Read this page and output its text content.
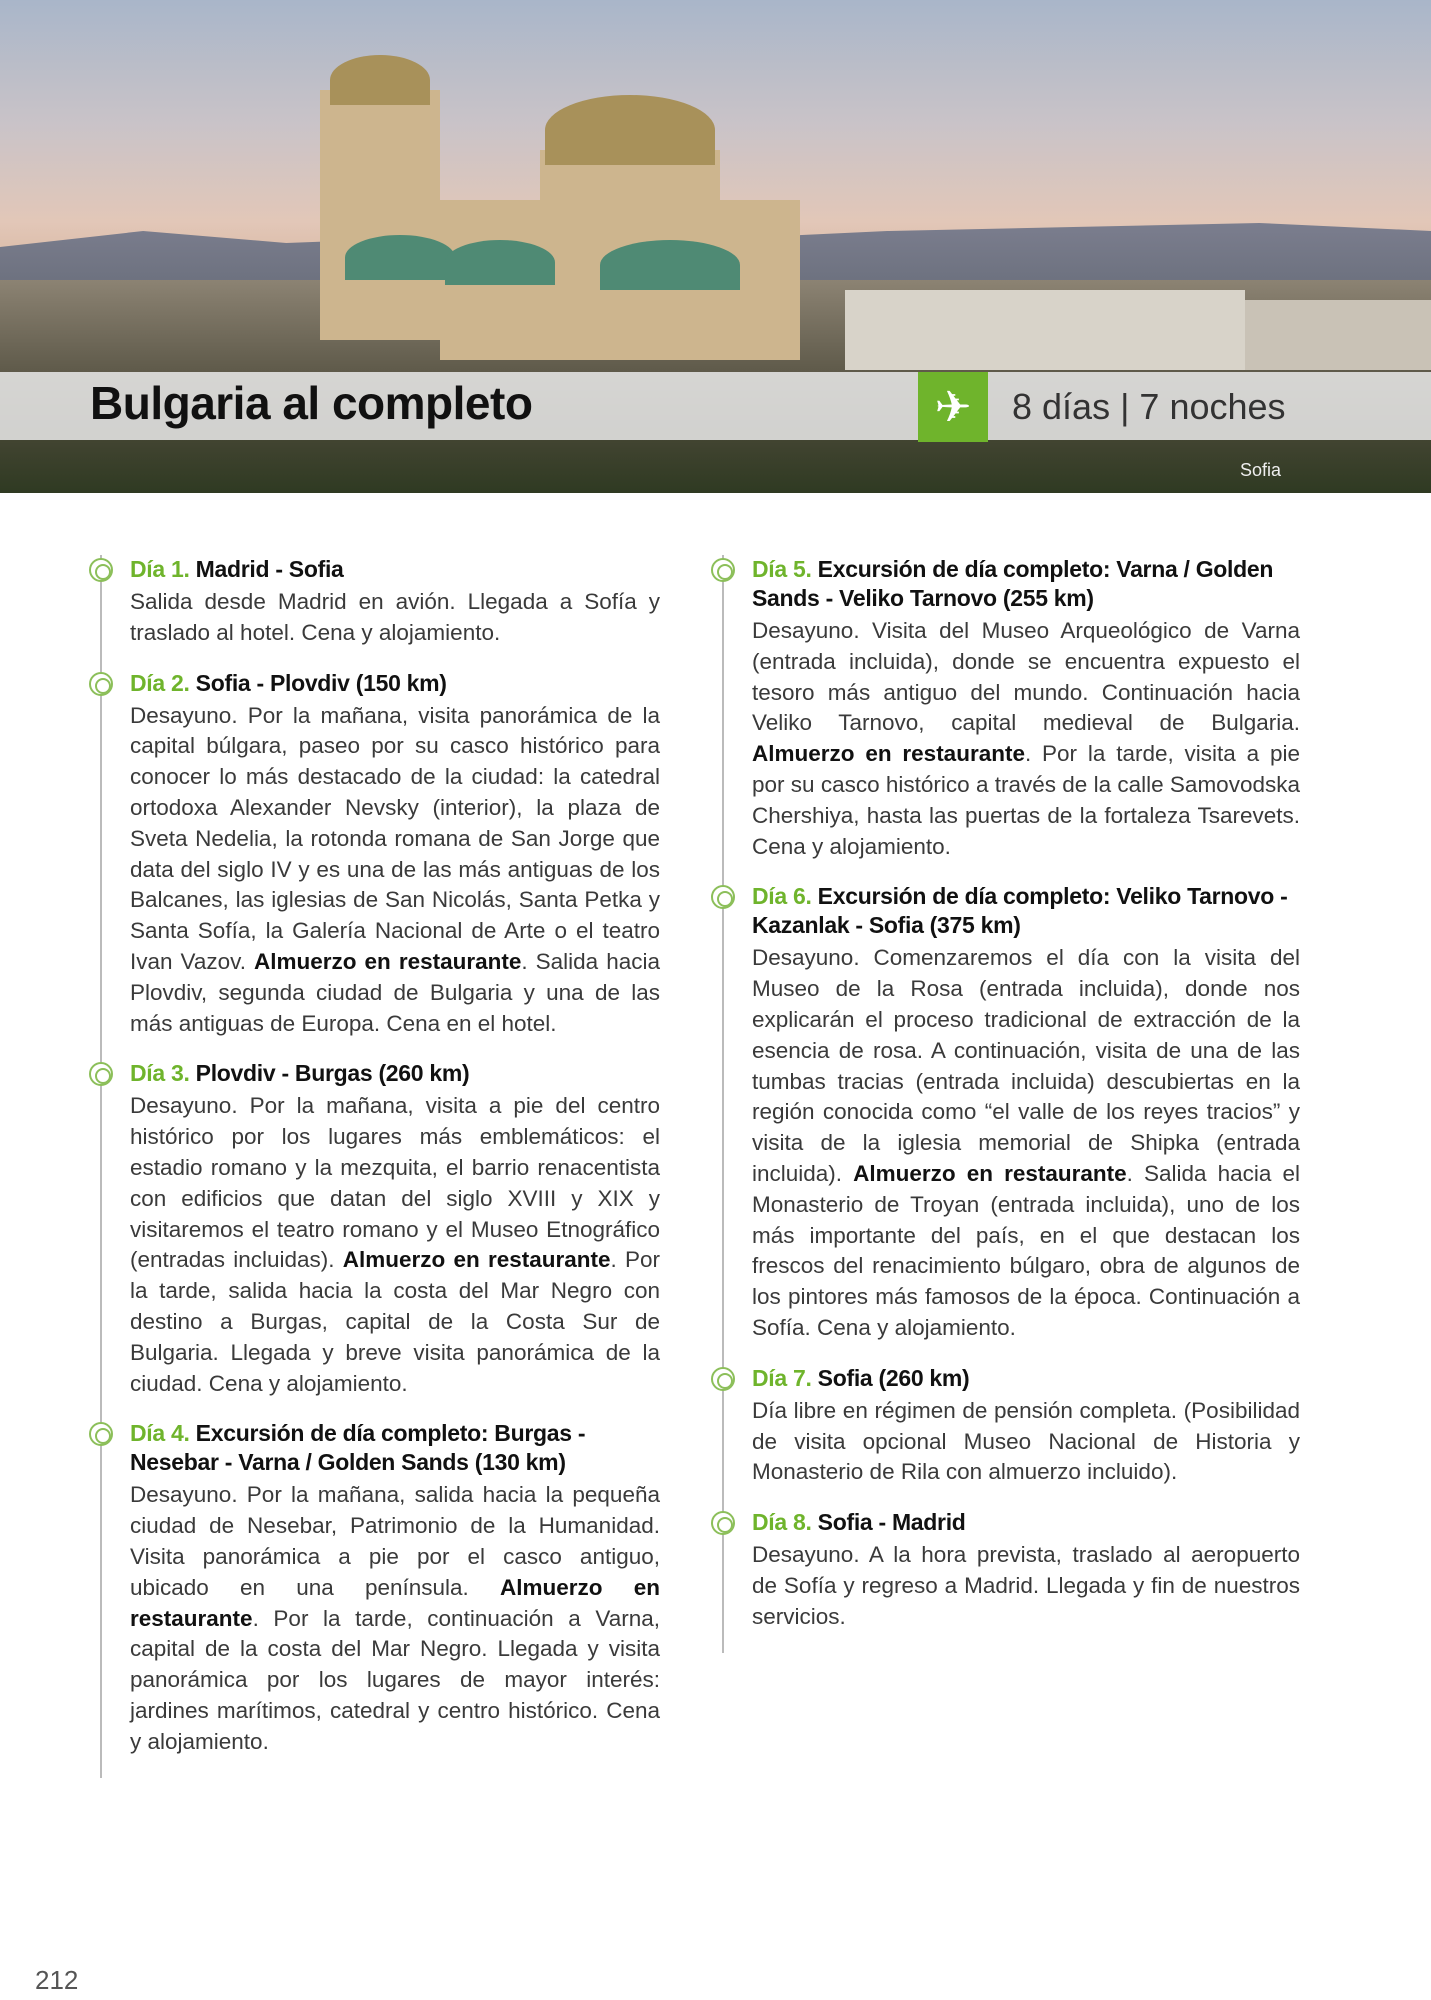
Bulgaria al completo	✈	8 días | 7 noches
Sofia
Día 1. Madrid - Sofia
Salida desde Madrid en avión. Llegada a Sofía y traslado al hotel. Cena y alojamiento.
Día 2. Sofia - Plovdiv (150 km)
Desayuno. Por la mañana, visita panorámica de la capital búlgara, paseo por su casco histórico para conocer lo más destacado de la ciudad: la catedral ortodoxa Alexander Nevsky (interior), la plaza de Sveta Nedelia, la rotonda romana de San Jorge que data del siglo IV y es una de las más antiguas de los Balcanes, las iglesias de San Nicolás, Santa Petka y Santa Sofía, la Galería Nacional de Arte o el teatro Ivan Vazov. Almuerzo en restaurante. Salida hacia Plovdiv, segunda ciudad de Bulgaria y una de las más antiguas de Europa. Cena en el hotel.
Día 3. Plovdiv - Burgas (260 km)
Desayuno. Por la mañana, visita a pie del centro histórico por los lugares más emblemáticos: el estadio romano y la mezquita, el barrio renacentista con edificios que datan del siglo XVIII y XIX y visitaremos el teatro romano y el Museo Etnográfico (entradas incluidas). Almuerzo en restaurante. Por la tarde, salida hacia la costa del Mar Negro con destino a Burgas, capital de la Costa Sur de Bulgaria. Llegada y breve visita panorámica de la ciudad. Cena y alojamiento.
Día 4. Excursión de día completo: Burgas - Nesebar - Varna / Golden Sands (130 km)
Desayuno. Por la mañana, salida hacia la pequeña ciudad de Nesebar, Patrimonio de la Humanidad. Visita panorámica a pie por el casco antiguo, ubicado en una península. Almuerzo en restaurante. Por la tarde, continuación a Varna, capital de la costa del Mar Negro. Llegada y visita panorámica por los lugares de mayor interés: jardines marítimos, catedral y centro histórico. Cena y alojamiento.
Día 5. Excursión de día completo: Varna / Golden Sands - Veliko Tarnovo (255 km)
Desayuno. Visita del Museo Arqueológico de Varna (entrada incluida), donde se encuentra expuesto el tesoro más antiguo del mundo. Continuación hacia Veliko Tarnovo, capital medieval de Bulgaria. Almuerzo en restaurante. Por la tarde, visita a pie por su casco histórico a través de la calle Samovodska Chershiya, hasta las puertas de la fortaleza Tsarevets. Cena y alojamiento.
Día 6. Excursión de día completo: Veliko Tarnovo - Kazanlak - Sofia (375 km)
Desayuno. Comenzaremos el día con la visita del Museo de la Rosa (entrada incluida), donde nos explicarán el proceso tradicional de extracción de la esencia de rosa. A continuación, visita de una de las tumbas tracias (entrada incluida) descubiertas en la región conocida como “el valle de los reyes tracios” y visita de la iglesia memorial de Shipka (entrada incluida). Almuerzo en restaurante. Salida hacia el Monasterio de Troyan (entrada incluida), uno de los más importante del país, en el que destacan los frescos del renacimiento búlgaro, obra de algunos de los pintores más famosos de la época. Continuación a Sofía. Cena y alojamiento.
Día 7. Sofia (260 km)
Día libre en régimen de pensión completa. (Posibilidad de visita opcional Museo Nacional de Historia y Monasterio de Rila con almuerzo incluido).
Día 8. Sofia - Madrid
Desayuno. A la hora prevista, traslado al aeropuerto de Sofía y regreso a Madrid. Llegada y fin de nuestros servicios.
212
